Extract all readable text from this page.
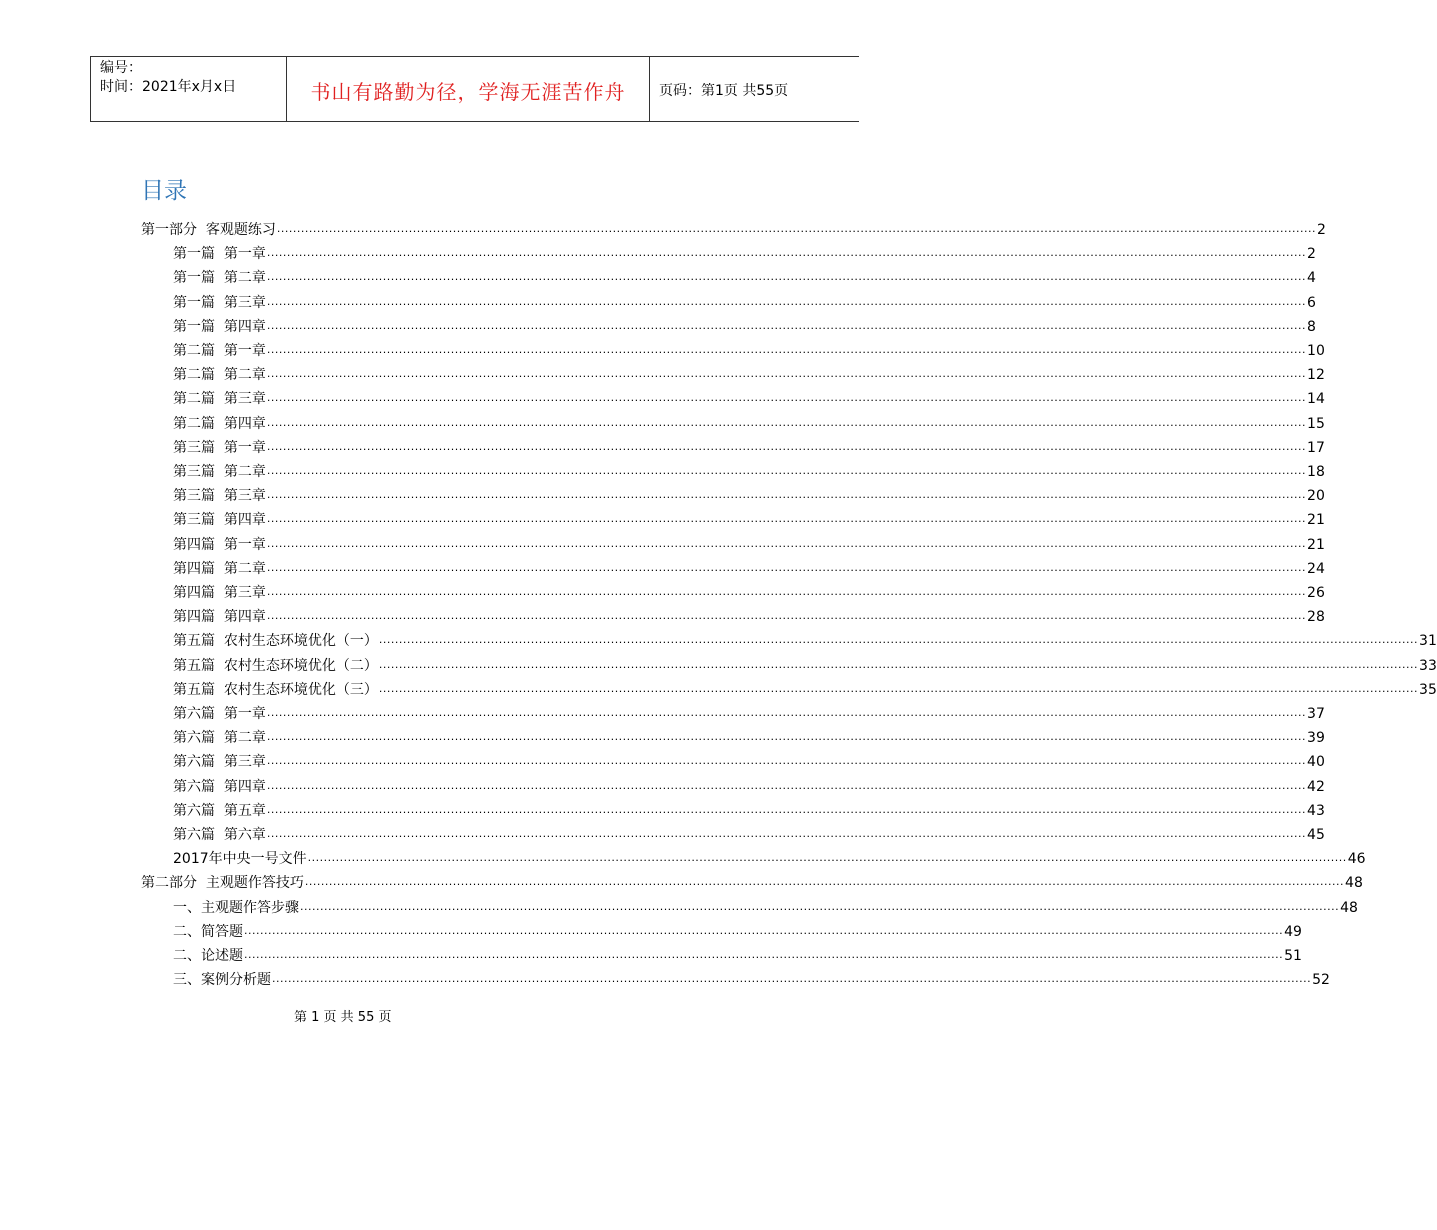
编号：
时间：2021年x月x日	书山有路勤为径，学海无涯苦作舟 页码：第1页 共55页
目录
第一部分  客观题练习 .................................................................................................................................................................................................................................................................... 2
第一篇  第一章 .................................................................................................................................................................................................................................................................... 2
第一篇  第二章 .................................................................................................................................................................................................................................................................... 4
第一篇  第三章 .................................................................................................................................................................................................................................................................... 6
第一篇  第四章 .................................................................................................................................................................................................................................................................... 8
第二篇  第一章 .................................................................................................................................................................................................................................................................... 10
第二篇  第二章 .................................................................................................................................................................................................................................................................... 12
第二篇  第三章 .................................................................................................................................................................................................................................................................... 14
第二篇  第四章 .................................................................................................................................................................................................................................................................... 15
第三篇  第一章 .................................................................................................................................................................................................................................................................... 17
第三篇  第二章 .................................................................................................................................................................................................................................................................... 18
第三篇  第三章 .................................................................................................................................................................................................................................................................... 20
第三篇  第四章 .................................................................................................................................................................................................................................................................... 21
第四篇  第一章 .................................................................................................................................................................................................................................................................... 21
第四篇  第二章 .................................................................................................................................................................................................................................................................... 24
第四篇  第三章 .................................................................................................................................................................................................................................................................... 26
第四篇  第四章 .................................................................................................................................................................................................................................................................... 28
第五篇  农村生态环境优化（一） .................................................................................................................................................................................................................................................................... 31
第五篇  农村生态环境优化（二） .................................................................................................................................................................................................................................................................... 33
第五篇  农村生态环境优化（三） .................................................................................................................................................................................................................................................................... 35
第六篇  第一章 .................................................................................................................................................................................................................................................................... 37
第六篇  第二章 .................................................................................................................................................................................................................................................................... 39
第六篇  第三章 .................................................................................................................................................................................................................................................................... 40
第六篇  第四章 .................................................................................................................................................................................................................................................................... 42
第六篇  第五章 .................................................................................................................................................................................................................................................................... 43
第六篇  第六章 .................................................................................................................................................................................................................................................................... 45
2017年中央一号文件 .................................................................................................................................................................................................................................................................... 46
第二部分  主观题作答技巧 .................................................................................................................................................................................................................................................................... 48
一、主观题作答步骤 .................................................................................................................................................................................................................................................................... 48
二、简答题 .................................................................................................................................................................................................................................................................... 49
二、论述题 .................................................................................................................................................................................................................................................................... 51
三、案例分析题 .................................................................................................................................................................................................................................................................... 52
第 1 页 共 55 页
